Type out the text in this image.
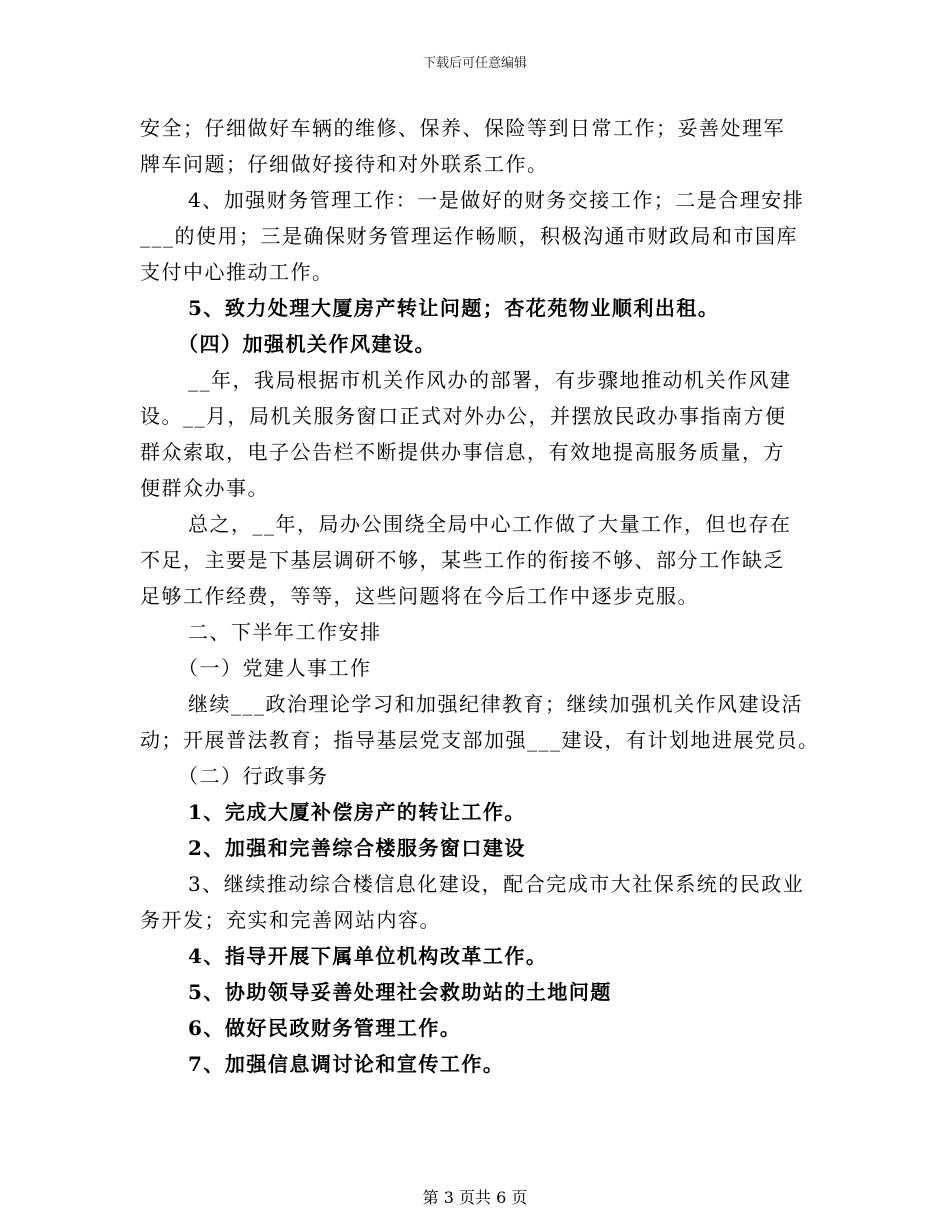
下载后可任意编辑

安全；仔细做好车辆的维修、保养、保险等到日常工作；妥善处理军

牌车问题；仔细做好接待和对外联系工作。

4、加强财务管理工作：一是做好的财务交接工作；二是合理安排

___的使用；三是确保财务管理运作畅顺，积极沟通市财政局和市国库

支付中心推动工作。

5、致力处理大厦房产转让问题；杏花苑物业顺利出租。

（四）加强机关作风建设。

__年，我局根据市机关作风办的部署，有步骤地推动机关作风建

设。__月，局机关服务窗口正式对外办公，并摆放民政办事指南方便

群众索取，电子公告栏不断提供办事信息，有效地提高服务质量，方

便群众办事。

总之，__年，局办公围绕全局中心工作做了大量工作，但也存在

不足，主要是下基层调研不够，某些工作的衔接不够、部分工作缺乏

足够工作经费，等等，这些问题将在今后工作中逐步克服。

二、下半年工作安排

（一）党建人事工作

继续___政治理论学习和加强纪律教育；继续加强机关作风建设活

动；开展普法教育；指导基层党支部加强___建设，有计划地进展党员。

（二）行政事务

1、完成大厦补偿房产的转让工作。

2、加强和完善综合楼服务窗口建设

3、继续推动综合楼信息化建设，配合完成市大社保系统的民政业

务开发；充实和完善网站内容。

4、指导开展下属单位机构改革工作。

5、协助领导妥善处理社会救助站的土地问题

6、做好民政财务管理工作。

7、加强信息调讨论和宣传工作。

第 3 页共 6 页
